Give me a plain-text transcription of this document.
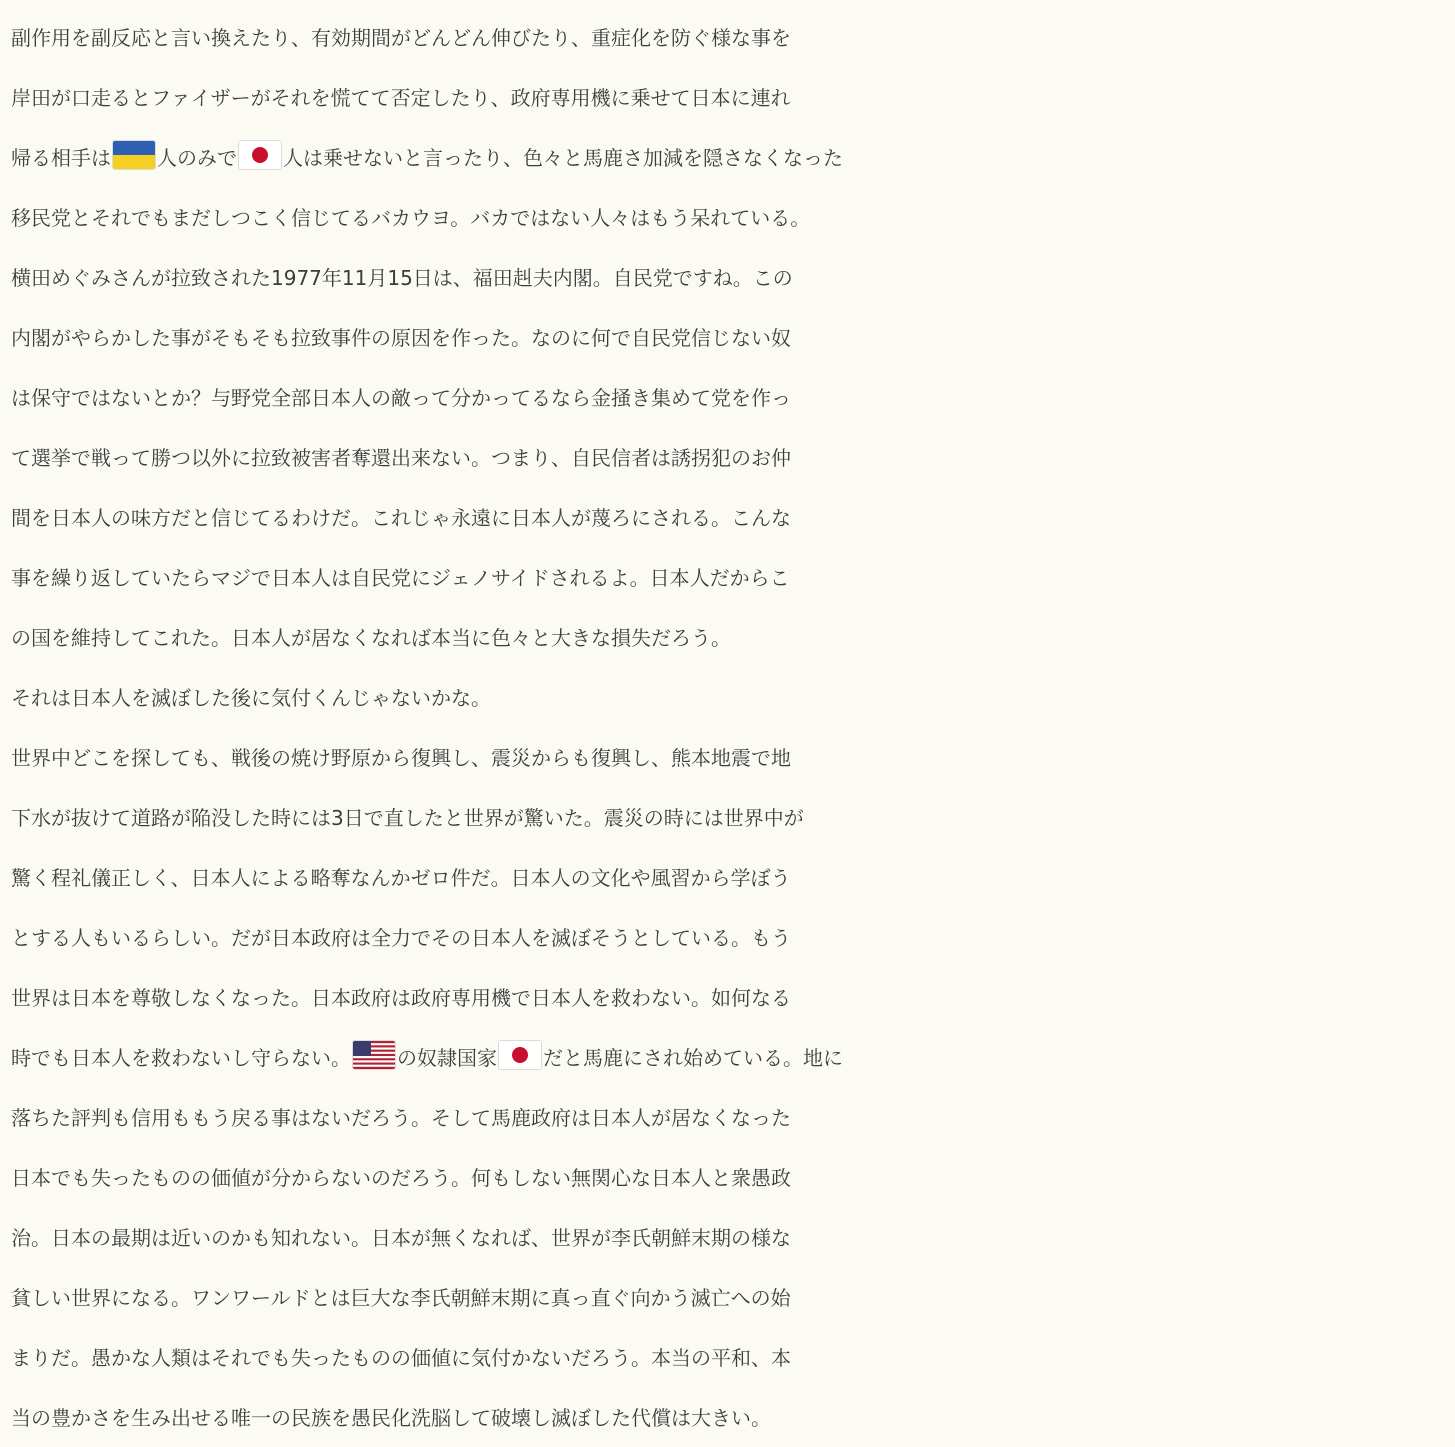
副作用を副反応と言い換えたり、有効期間がどんどん伸びたり、重症化を防ぐ様な事を
岸田が口走るとファイザーがそれを慌てて否定したり、政府専用機に乗せて日本に連れ
帰る相手は 人のみで 人は乗せないと言ったり、色々と馬鹿さ加減を隠さなくなった
移民党とそれでもまだしつこく信じてるバカウヨ。バカではない人々はもう呆れている。
横田めぐみさんが拉致された1977年11月15日は、福田赳夫内閣。自民党ですね。この
内閣がやらかした事がそもそも拉致事件の原因を作った。なのに何で自民党信じない奴
は保守ではないとか？与野党全部日本人の敵って分かってるなら金掻き集めて党を作っ
て選挙で戦って勝つ以外に拉致被害者奪還出来ない。つまり、自民信者は誘拐犯のお仲
間を日本人の味方だと信じてるわけだ。これじゃ永遠に日本人が蔑ろにされる。こんな
事を繰り返していたらマジで日本人は自民党にジェノサイドされるよ。日本人だからこ
の国を維持してこれた。日本人が居なくなれば本当に色々と大きな損失だろう。
それは日本人を滅ぼした後に気付くんじゃないかな。
世界中どこを探しても、戦後の焼け野原から復興し、震災からも復興し、熊本地震で地
下水が抜けて道路が陥没した時には3日で直したと世界が驚いた。震災の時には世界中が
驚く程礼儀正しく、日本人による略奪なんかゼロ件だ。日本人の文化や風習から学ぼう
とする人もいるらしい。だが日本政府は全力でその日本人を滅ぼそうとしている。もう
世界は日本を尊敬しなくなった。日本政府は政府専用機で日本人を救わない。如何なる
時でも日本人を救わないし守らない。 の奴隷国家 だと馬鹿にされ始めている。地に
落ちた評判も信用ももう戻る事はないだろう。そして馬鹿政府は日本人が居なくなった
日本でも失ったものの価値が分からないのだろう。何もしない無関心な日本人と衆愚政
治。日本の最期は近いのかも知れない。日本が無くなれば、世界が李氏朝鮮末期の様な
貧しい世界になる。ワンワールドとは巨大な李氏朝鮮末期に真っ直ぐ向かう滅亡への始
まりだ。愚かな人類はそれでも失ったものの価値に気付かないだろう。本当の平和、本
当の豊かさを生み出せる唯一の民族を愚民化洗脳して破壊し滅ぼした代償は大きい。
